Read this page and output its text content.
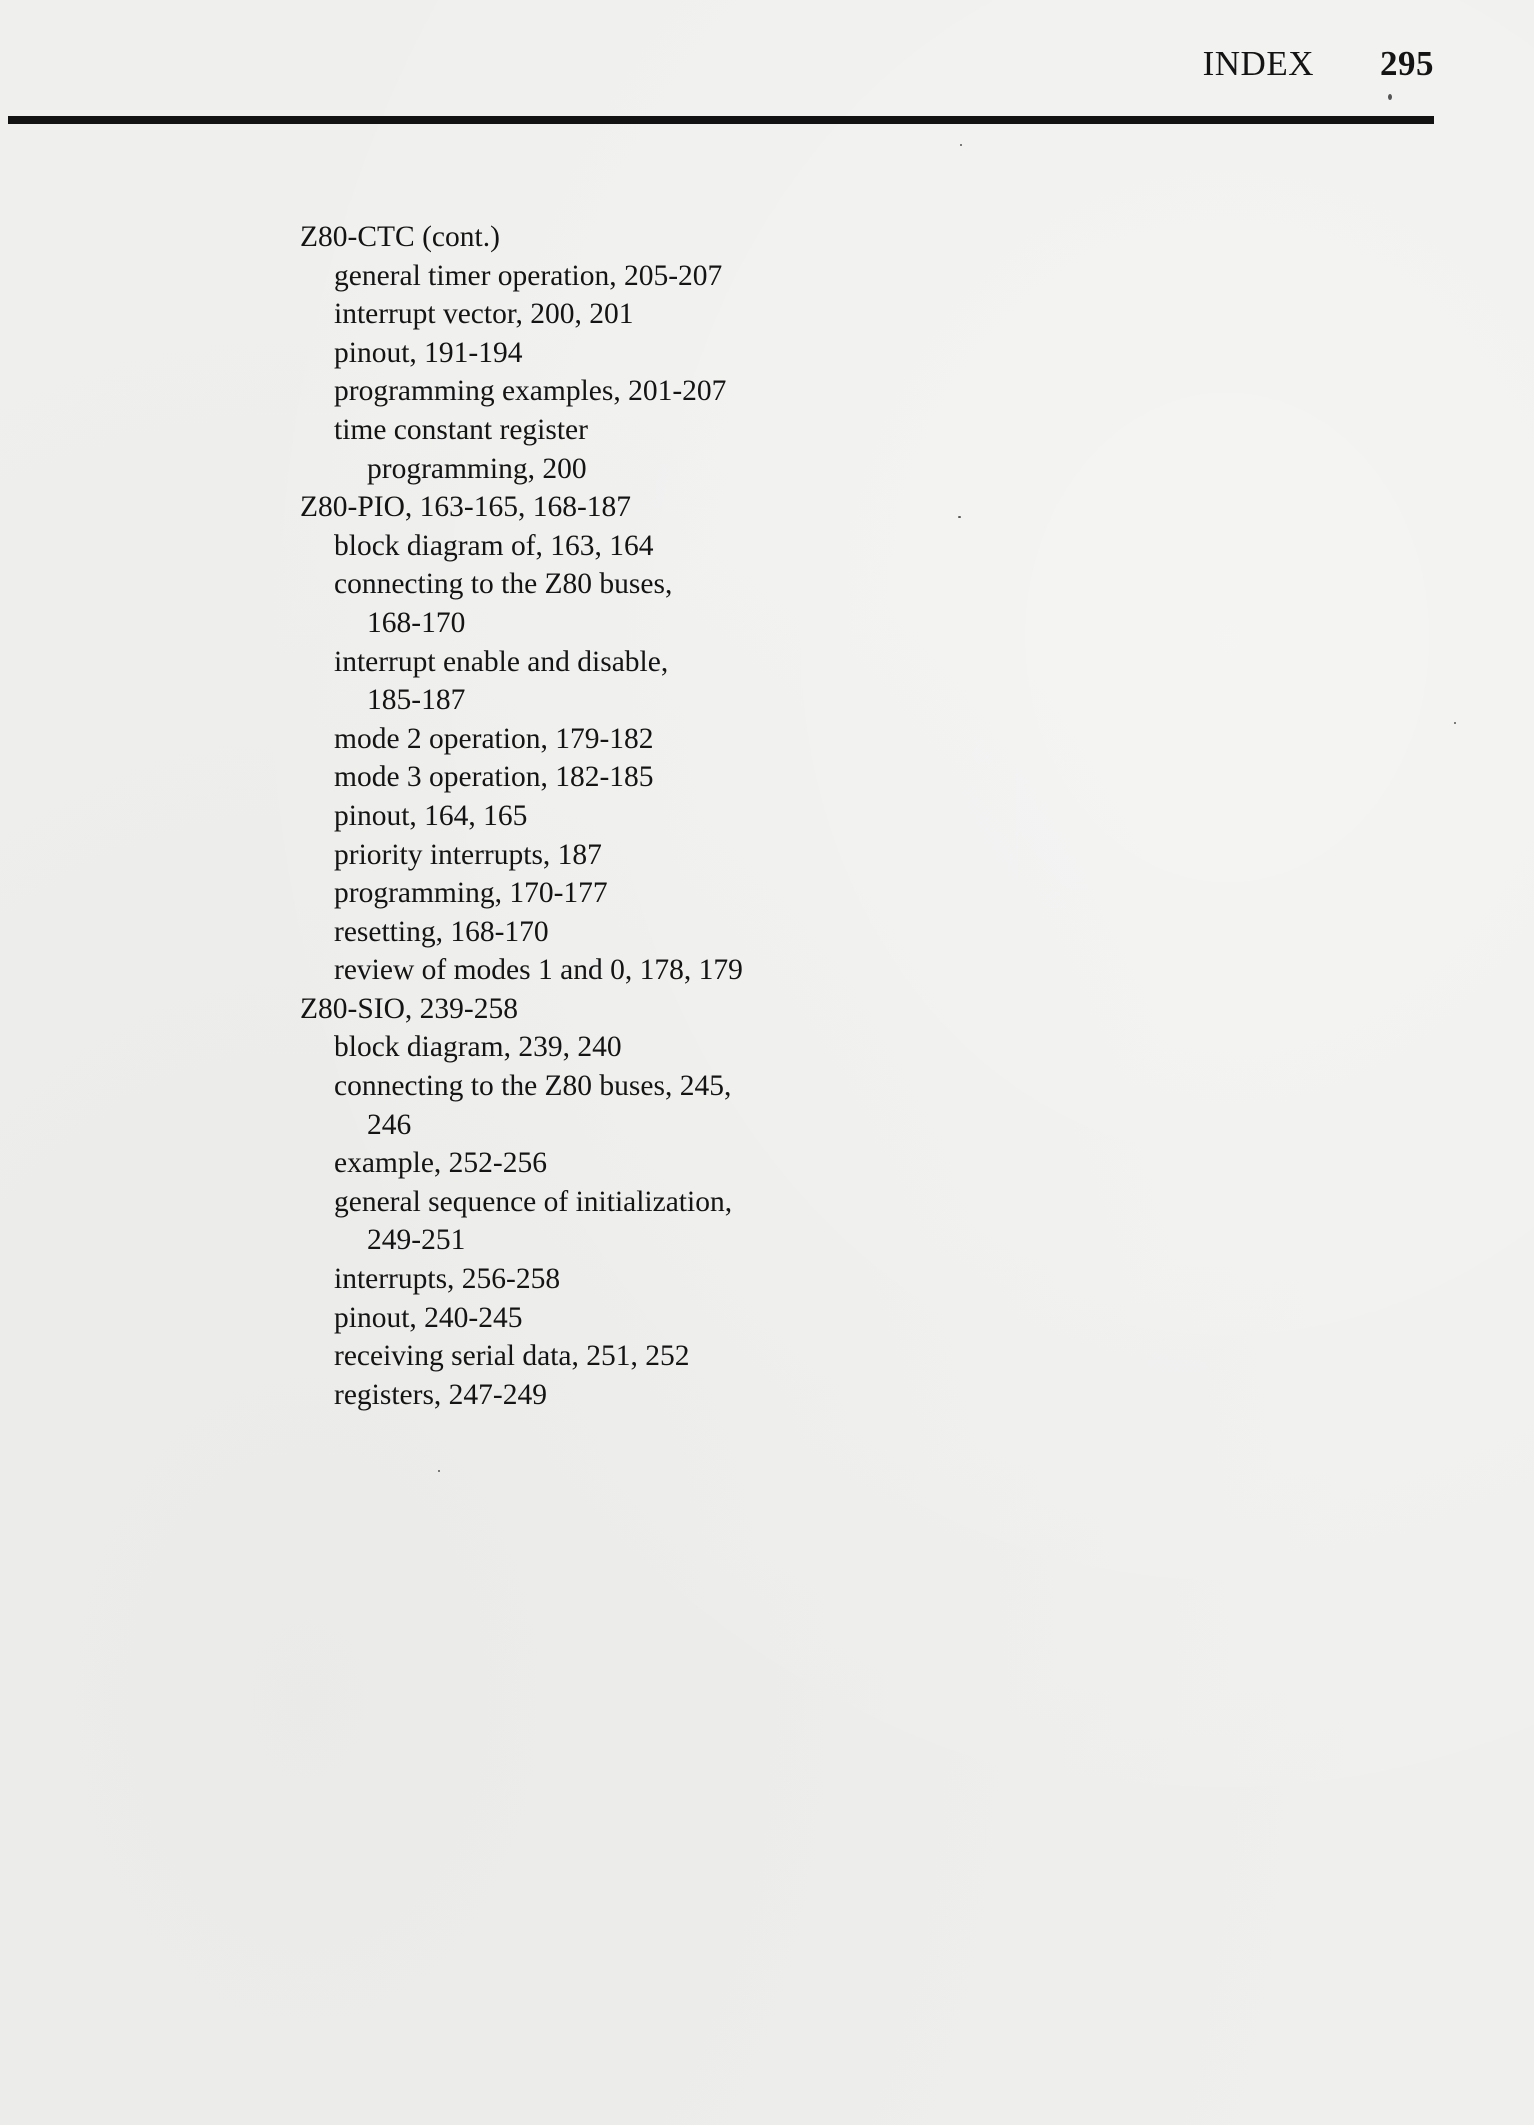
INDEX 295
Z80-CTC (cont.)
general timer operation, 205-207
interrupt vector, 200, 201
pinout, 191-194
programming examples, 201-207
time constant register
programming, 200
Z80-PIO, 163-165, 168-187
block diagram of, 163, 164
connecting to the Z80 buses,
168-170
interrupt enable and disable,
185-187
mode 2 operation, 179-182
mode 3 operation, 182-185
pinout, 164, 165
priority interrupts, 187
programming, 170-177
resetting, 168-170
review of modes 1 and 0, 178, 179
Z80-SIO, 239-258
block diagram, 239, 240
connecting to the Z80 buses, 245,
246
example, 252-256
general sequence of initialization,
249-251
interrupts, 256-258
pinout, 240-245
receiving serial data, 251, 252
registers, 247-249
